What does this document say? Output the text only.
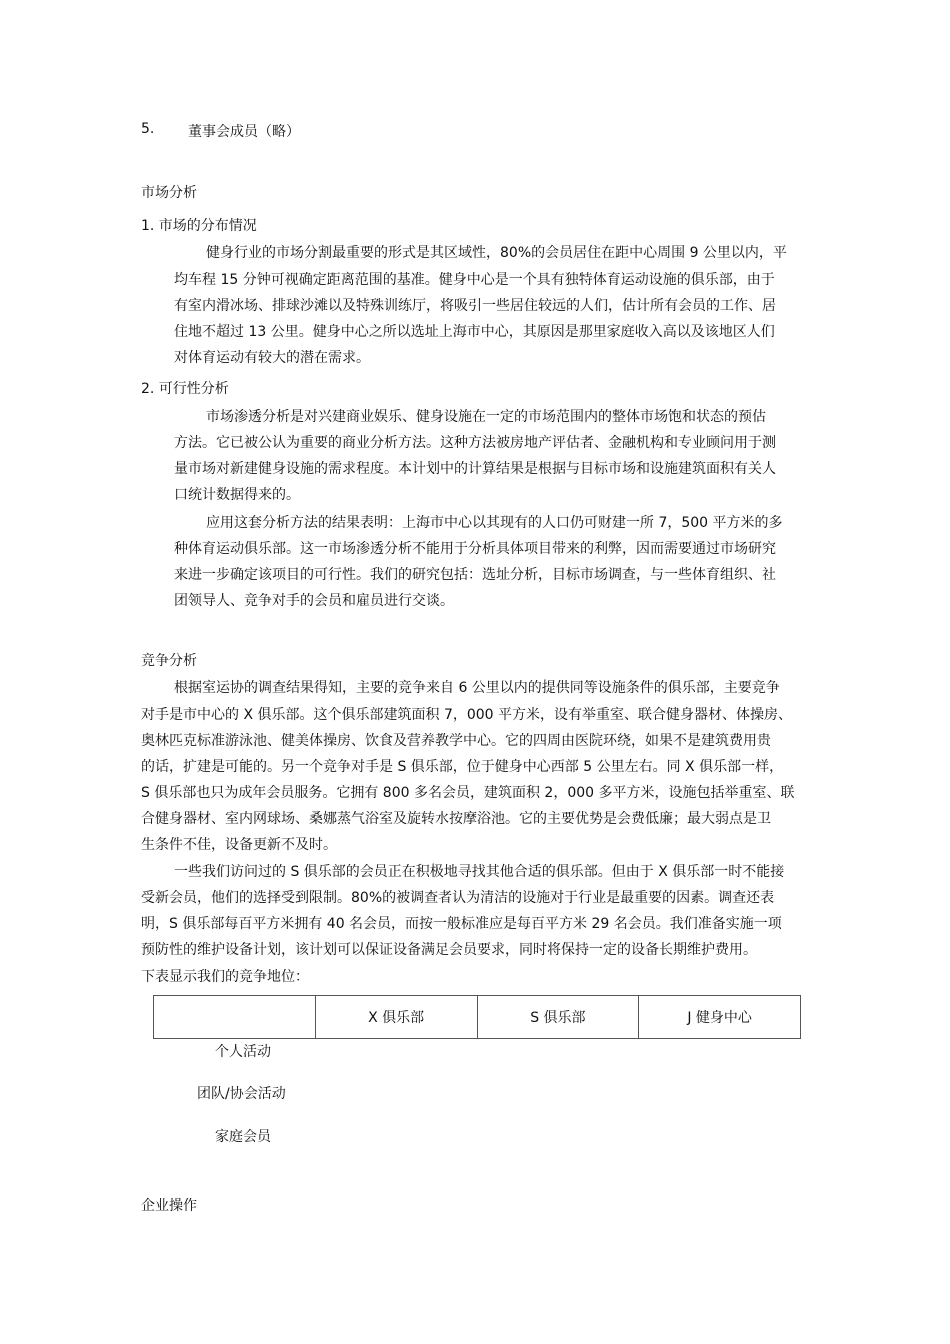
5. 董事会成员（略）
市场分析
1. 市场的分布情况
健身行业的市场分割最重要的形式是其区域性，80%的会员居住在距中心周围 9 公里以内，平
均车程 15 分钟可视确定距离范围的基准。健身中心是一个具有独特体育运动设施的俱乐部，由于
有室内滑冰场、排球沙滩以及特殊训练厅，将吸引一些居住较远的人们，估计所有会员的工作、居
住地不超过 13 公里。健身中心之所以选址上海市中心，其原因是那里家庭收入高以及该地区人们
对体育运动有较大的潜在需求。
2. 可行性分析
市场渗透分析是对兴建商业娱乐、健身设施在一定的市场范围内的整体市场饱和状态的预估
方法。它已被公认为重要的商业分析方法。这种方法被房地产评估者、金融机构和专业顾问用于测
量市场对新建健身设施的需求程度。本计划中的计算结果是根据与目标市场和设施建筑面积有关人
口统计数据得来的。
应用这套分析方法的结果表明：上海市中心以其现有的人口仍可财建一所 7，500 平方米的多
种体育运动俱乐部。这一市场渗透分析不能用于分析具体项目带来的利弊，因而需要通过市场研究
来进一步确定该项目的可行性。我们的研究包括：选址分析，目标市场调查，与一些体育组织、社
团领导人、竞争对手的会员和雇员进行交谈。
竞争分析
根据室运协的调查结果得知，主要的竞争来自 6 公里以内的提供同等设施条件的俱乐部，主要竞争
对手是市中心的 X 俱乐部。这个俱乐部建筑面积 7，000 平方米，设有举重室、联合健身器材、体操房、
奥林匹克标准游泳池、健美体操房、饮食及营养教学中心。它的四周由医院环绕，如果不是建筑费用贵
的话，扩建是可能的。另一个竞争对手是 S 俱乐部，位于健身中心西部 5 公里左右。同 X 俱乐部一样，
S 俱乐部也只为成年会员服务。它拥有 800 多名会员，建筑面积 2，000 多平方米，设施包括举重室、联
合健身器材、室内网球场、桑娜蒸气浴室及旋转水按摩浴池。它的主要优势是会费低廉；最大弱点是卫
生条件不佳，设备更新不及时。
一些我们访问过的 S 俱乐部的会员正在积极地寻找其他合适的俱乐部。但由于 X 俱乐部一时不能接
受新会员，他们的选择受到限制。80%的被调查者认为清洁的设施对于行业是最重要的因素。调查还表
明，S 俱乐部每百平方米拥有 40 名会员，而按一般标准应是每百平方米 29 名会员。我们准备实施一项
预防性的维护设备计划，该计划可以保证设备满足会员要求，同时将保持一定的设备长期维护费用。
下表显示我们的竞争地位：
	X 俱乐部	S 俱乐部	J 健身中心
个人活动
团队/协会活动
家庭会员
企业操作
